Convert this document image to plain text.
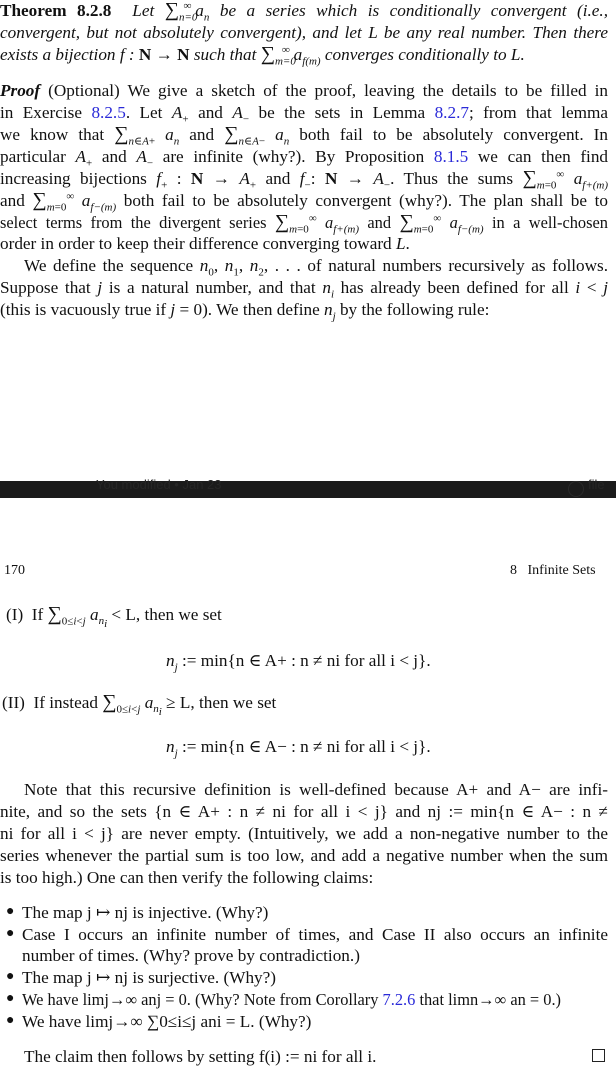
Theorem 8.2.8  Let $\sum_{n=0}^\infty$ $a_n$ be a series which is conditionally convergent (i.e.,
convergent, but not absolutely convergent), and let L be any real number. Then there
exists a bijection f : N → N such that $\sum_{m=0}^\infty$ $a_{f(m)}$ converges conditionally to L.
Proof (Optional) We give a sketch of the proof, leaving the details to be filled in
in Exercise 8.2.5. Let $A_+$ and $A_-$ be the sets in Lemma 8.2.7; from that lemma
we know that $\sum_{n\in A+}$ $a_n$ and $\sum_{n\in A-}$ $a_n$ both fail to be absolutely convergent. In
particular $A_+$ and $A_-$ are infinite (why?). By Proposition 8.1.5 we can then find
increasing bijections $f_+$ : $N \to A_+$ and $f_-$: $N \to A_-$. Thus the sums $\sum_{m=0}^\infty$ $a_{f+(m)}$
and $\sum_{m=0}^\infty$ $a_{f-(m)}$ both fail to be absolutely convergent (why?). The plan shall be to
select terms from the divergent series $\sum_{m=0}^\infty$ $a_{f+(m)}$ and $\sum_{m=0}^\infty$ $a_{f-(m)}$ in a well-chosen
order in order to keep their difference converging toward L.
We define the sequence $n_0$, $n_1$, $n_2$, . . . of natural numbers recursively as follows.
Suppose that j is a natural number, and that $n_i$ has already been defined for all i < j
(this is vacuously true if j = 0). We then define $n_j$ by the following rule:
You modified • Jan 23	file
170	8 Infinite Sets
(I) If $\sum_{0\le i<j}$ $a_{n_i} < L$, then we set
$n_j$ := min{n ∈ A+ : n ≠ ni for all i < j}.
(II) If instead $\sum_{0\le i<j}$ $a_{n_i} \ge L$, then we set
$n_j$ := min{n ∈ A− : n ≠ ni for all i < j}.
Note that this recursive definition is well-defined because A+ and A− are infi-
nite, and so the sets {n ∈ A+ : n ≠ ni for all i < j} and nj := min{n ∈ A− : n ≠
ni for all i < j} are never empty. (Intuitively, we add a non-negative number to the
series whenever the partial sum is too low, and add a negative number when the sum
is too high.) One can then verify the following claims:
● The map j ↦ nj is injective. (Why?)
● Case I occurs an infinite number of times, and Case II also occurs an infinite
number of times. (Why? prove by contradiction.)
● The map j ↦ nj is surjective. (Why?)
● We have limj→∞ anj = 0. (Why? Note from Corollary 7.2.6 that limn→∞ an = 0.)
● We have limj→∞ ∑0≤i≤j ani = L. (Why?)
The claim then follows by setting f(i) := ni for all i.
